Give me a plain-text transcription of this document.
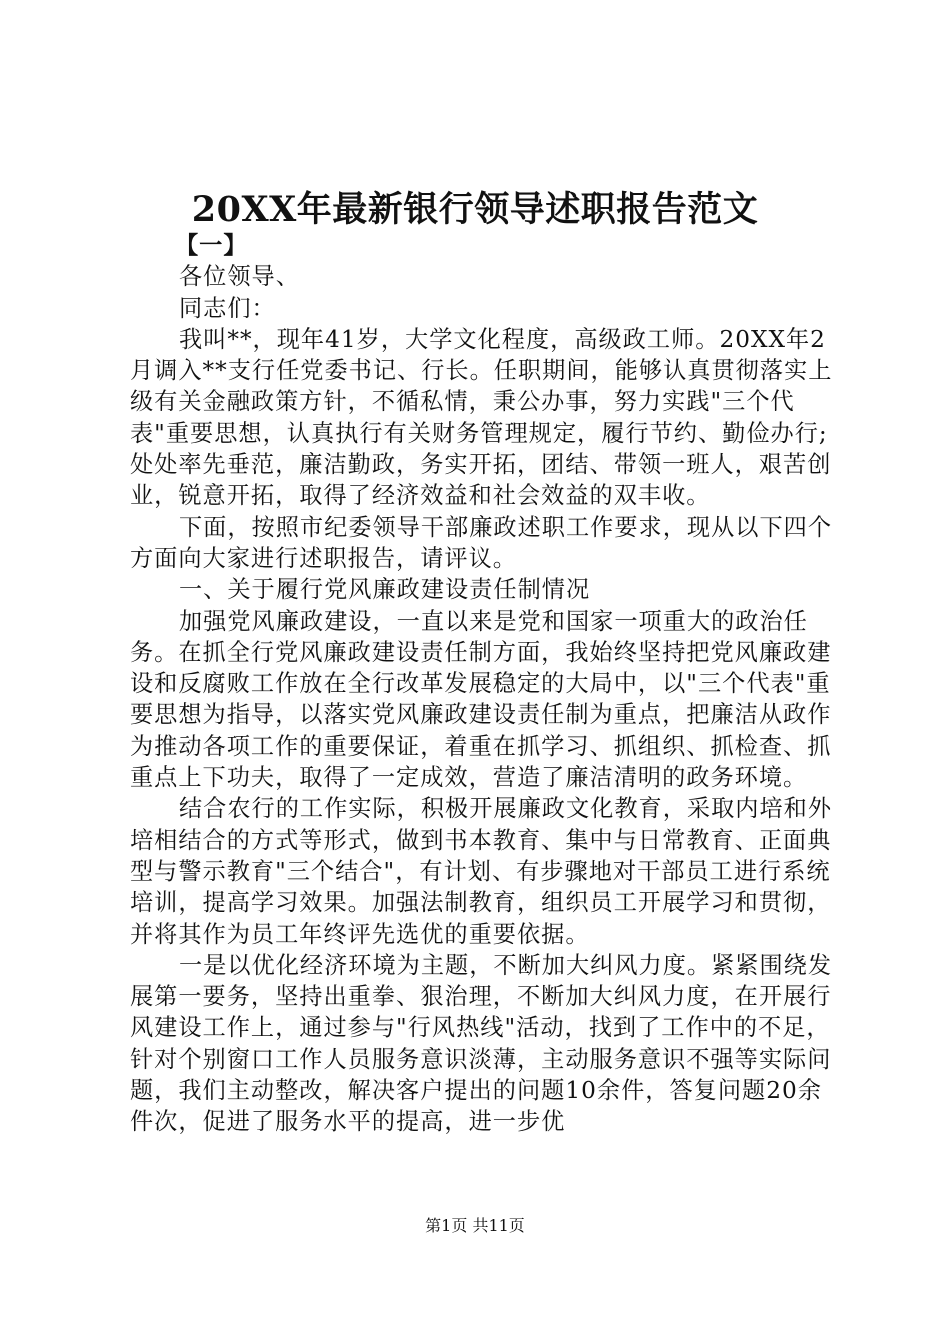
20XX年最新银行领导述职报告范文

【一】

各位领导、

同志们：

我叫**，现年41岁，大学文化程度，高级政工师。20XX年2月调入**支行任党委书记、行长。任职期间，能够认真贯彻落实上级有关金融政策方针，不循私情，秉公办事，努力实践"三个代表"重要思想，认真执行有关财务管理规定，履行节约、勤俭办行;处处率先垂范，廉洁勤政，务实开拓，团结、带领一班人，艰苦创业，锐意开拓，取得了经济效益和社会效益的双丰收。

下面，按照市纪委领导干部廉政述职工作要求，现从以下四个方面向大家进行述职报告，请评议。

一、关于履行党风廉政建设责任制情况

加强党风廉政建设，一直以来是党和国家一项重大的政治任务。在抓全行党风廉政建设责任制方面，我始终坚持把党风廉政建设和反腐败工作放在全行改革发展稳定的大局中，以"三个代表"重要思想为指导，以落实党风廉政建设责任制为重点，把廉洁从政作为推动各项工作的重要保证，着重在抓学习、抓组织、抓检查、抓重点上下功夫，取得了一定成效，营造了廉洁清明的政务环境。

结合农行的工作实际，积极开展廉政文化教育，采取内培和外培相结合的方式等形式，做到书本教育、集中与日常教育、正面典型与警示教育"三个结合"，有计划、有步骤地对干部员工进行系统培训，提高学习效果。加强法制教育，组织员工开展学习和贯彻，并将其作为员工年终评先选优的重要依据。

一是以优化经济环境为主题，不断加大纠风力度。紧紧围绕发展第一要务，坚持出重拳、狠治理，不断加大纠风力度，在开展行风建设工作上，通过参与"行风热线"活动，找到了工作中的不足，针对个别窗口工作人员服务意识淡薄，主动服务意识不强等实际问题，我们主动整改，解决客户提出的问题10余件，答复问题20余件次，促进了服务水平的提高，进一步优

第1页 共11页
